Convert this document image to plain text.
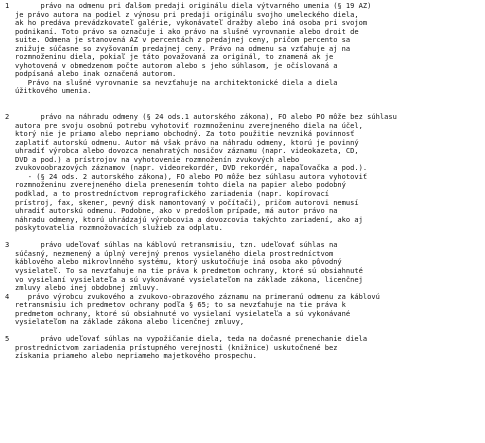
1 právo na odmenu pri ďalšom predaji originálu diela výtvarného umenia (§ 19 AZ)
je právo autora na podiel z výnosu pri predaji originálu svojho umeleckého diela,
ak ho predáva prevádzkovateľ galérie, vykonávateľ dražby alebo iná osoba pri svojom
podnikaní. Toto právo sa označuje i ako právo na slušné vyrovnanie alebo droit de
suite. Odmena je stanovená AZ v percentách z predajnej ceny, pričom percento sa
znižuje súčasne so zvyšovaním predajnej ceny. Právo na odmenu sa vzťahuje aj na
rozmnoženinu diela, pokiaľ je táto považovaná za originál, to znamená ak je
vyhotovená v obmedzenom počte autorom alebo s jeho súhlasom, je očíslovaná a
podpísaná alebo inak označená autorom.
Právo na slušné vyrovnanie sa nevzťahuje na architektonické diela a diela
úžitkového umenia.
2 právo na náhradu odmeny (§ 24 ods.1 autorského zákona), FO alebo PO môže bez súhlasu
autora pre svoju osobnú potrebu vyhotoviť rozmnoženinu zverejneného diela na účel,
ktorý nie je priamo alebo nepriamo obchodný. Za toto použitie nevzniká povinnosť
zaplatiť autorskú odmenu. Autor má však právo na náhradu odmeny, ktorú je povinný
uhradiť výrobca alebo dovozca nenahratých nosičov záznamu (napr. videokazeta, CD,
DVD a pod.) a prístrojov na vyhotovenie rozmnoženín zvukových alebo
zvukovoobrazových záznamov (napr. videorekordér, DVD rekordér, napaľovačka a pod.).
- (§ 24 ods. 2 autorského zákona), FO alebo PO môže bez súhlasu autora vyhotoviť
rozmnoženinu zverejneného diela prenesením tohto diela na papier alebo podobný
podklad, a to prostredníctvom reprografického zariadenia (napr. kopírovací
prístroj, fax, skener, pevný disk namontovaný v počítači), pričom autorovi nemusí
uhradiť autorskú odmenu. Podobne, ako v predošlom prípade, má autor právo na
náhradu odmeny, ktorú uhrádzajú výrobcovia a dovozcovia takýchto zariadení, ako aj
poskytovatelia rozmnožovacích služieb za odplatu.
3 právo udeľovať súhlas na káblovú retransmisiu, tzn. udeľovať súhlas na
súčasný, nezmenený a úplný verejný prenos vysielaného diela prostredníctvom
káblového alebo mikrovlnného systému, ktorý uskutočňuje iná osoba ako pôvodný
vysielateľ. To sa nevzťahuje na tie práva k predmetom ochrany, ktoré sú obsiahnuté
vo vysielaní vysielateľa a sú vykonávané vysielateľom na základe zákona, licenčnej
zmluvy alebo inej obdobnej zmluvy.
4 právo výrobcu zvukového a zvukovo-obrazového záznamu na primeranú odmenu za káblovú
retransmisiu ich predmetov ochrany podľa § 65; to sa nevzťahuje na tie práva k
predmetom ochrany, ktoré sú obsiahnuté vo vysielaní vysielateľa a sú vykonávané
vysielateľom na základe zákona alebo licenčnej zmluvy,
5 právo udeľovať súhlas na vypožičanie diela, teda na dočasné prenechanie diela
prostredníctvom zariadenia prístupného verejnosti (knižnice) uskutočnené bez
získania priameho alebo nepriameho majetkového prospechu.
